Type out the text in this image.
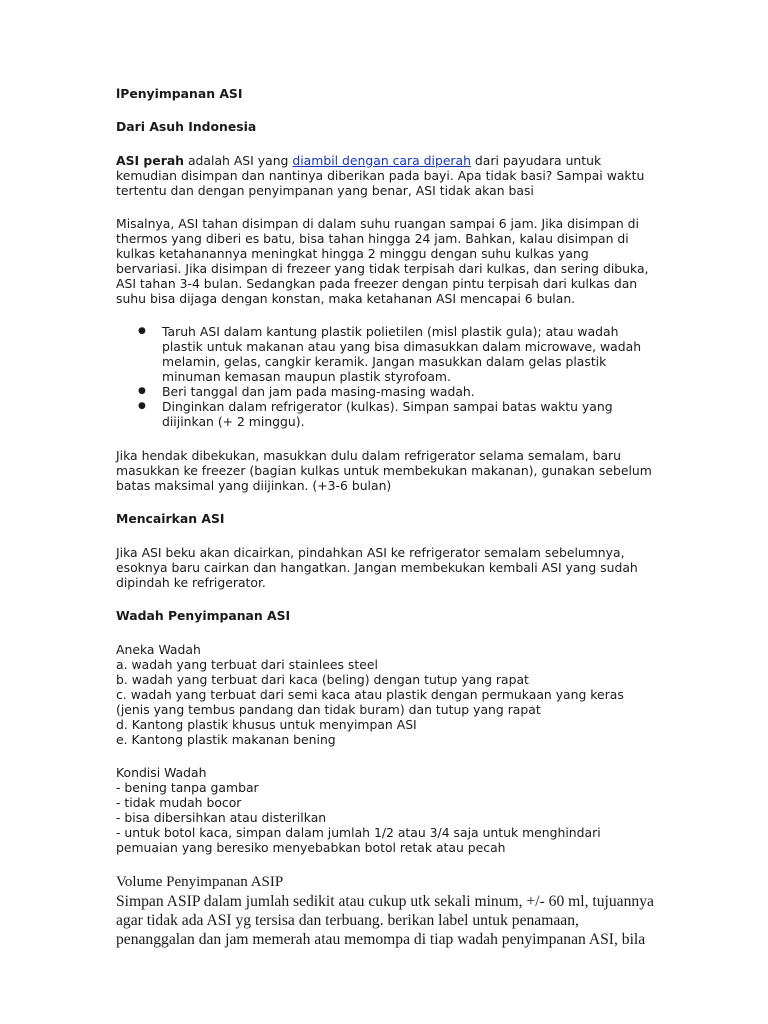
lPenyimpanan ASI

Dari Asuh Indonesia

ASI perah adalah ASI yang diambil dengan cara diperah dari payudara untuk kemudian disimpan dan nantinya diberikan pada bayi. Apa tidak basi? Sampai waktu tertentu dan dengan penyimpanan yang benar, ASI tidak akan basi

Misalnya, ASI tahan disimpan di dalam suhu ruangan sampai 6 jam. Jika disimpan di thermos yang diberi es batu, bisa tahan hingga 24 jam. Bahkan, kalau disimpan di kulkas ketahanannya meningkat hingga 2 minggu dengan suhu kulkas yang bervariasi. Jika disimpan di frezeer yang tidak terpisah dari kulkas, dan sering dibuka, ASI tahan 3-4 bulan. Sedangkan pada freezer dengan pintu terpisah dari kulkas dan suhu bisa dijaga dengan konstan, maka ketahanan ASI mencapai 6 bulan.

● Taruh ASI dalam kantung plastik polietilen (misl plastik gula); atau wadah plastik untuk makanan atau yang bisa dimasukkan dalam microwave, wadah melamin, gelas, cangkir keramik. Jangan masukkan dalam gelas plastik minuman kemasan maupun plastik styrofoam.
● Beri tanggal dan jam pada masing-masing wadah.
● Dinginkan dalam refrigerator (kulkas). Simpan sampai batas waktu yang diijinkan (+ 2 minggu).

Jika hendak dibekukan, masukkan dulu dalam refrigerator selama semalam, baru masukkan ke freezer (bagian kulkas untuk membekukan makanan), gunakan sebelum batas maksimal yang diijinkan. (+3-6 bulan)

Mencairkan ASI

Jika ASI beku akan dicairkan, pindahkan ASI ke refrigerator semalam sebelumnya, esoknya baru cairkan dan hangatkan. Jangan membekukan kembali ASI yang sudah dipindah ke refrigerator.

Wadah Penyimpanan ASI

Aneka Wadah
a. wadah yang terbuat dari stainlees steel
b. wadah yang terbuat dari kaca (beling) dengan tutup yang rapat
c. wadah yang terbuat dari semi kaca atau plastik dengan permukaan yang keras (jenis yang tembus pandang dan tidak buram) dan tutup yang rapat
d. Kantong plastik khusus untuk menyimpan ASI
e. Kantong plastik makanan bening
Kondisi Wadah
- bening tanpa gambar
- tidak mudah bocor
- bisa dibersihkan atau disterilkan
- untuk botol kaca, simpan dalam jumlah 1/2 atau 3/4 saja untuk menghindari pemuaian yang beresiko menyebabkan botol retak atau pecah
Volume Penyimpanan ASIP
Simpan ASIP dalam jumlah sedikit atau cukup utk sekali minum, +/- 60 ml, tujuannya agar tidak ada ASI yg tersisa dan terbuang. berikan label untuk penamaan, penanggalan dan jam memerah atau memompa di tiap wadah penyimpanan ASI, bila
